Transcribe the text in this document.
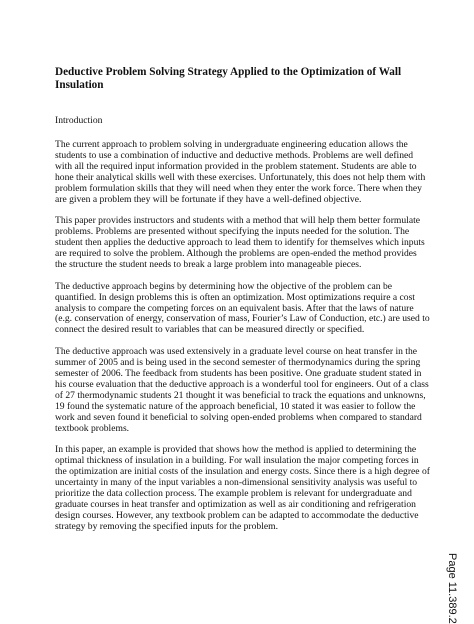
Deductive Problem Solving Strategy Applied to the Optimization of Wall Insulation
Introduction

The current approach to problem solving in undergraduate engineering education allows the students to use a combination of inductive and deductive methods. Problems are well defined with all the required input information provided in the problem statement. Students are able to hone their analytical skills well with these exercises. Unfortunately, this does not help them with problem formulation skills that they will need when they enter the work force. There when they are given a problem they will be fortunate if they have a well-defined objective.

This paper provides instructors and students with a method that will help them better formulate problems. Problems are presented without specifying the inputs needed for the solution. The student then applies the deductive approach to lead them to identify for themselves which inputs are required to solve the problem. Although the problems are open-ended the method provides the structure the student needs to break a large problem into manageable pieces.

The deductive approach begins by determining how the objective of the problem can be quantified. In design problems this is often an optimization. Most optimizations require a cost analysis to compare the competing forces on an equivalent basis. After that the laws of nature (e.g. conservation of energy, conservation of mass, Fourier’s Law of Conduction, etc.) are used to connect the desired result to variables that can be measured directly or specified.

The deductive approach was used extensively in a graduate level course on heat transfer in the summer of 2005 and is being used in the second semester of thermodynamics during the spring semester of 2006. The feedback from students has been positive. One graduate student stated in his course evaluation that the deductive approach is a wonderful tool for engineers. Out of a class of 27 thermodynamic students 21 thought it was beneficial to track the equations and unknowns, 19 found the systematic nature of the approach beneficial, 10 stated it was easier to follow the work and seven found it beneficial to solving open-ended problems when compared to standard textbook problems.

In this paper, an example is provided that shows how the method is applied to determining the optimal thickness of insulation in a building. For wall insulation the major competing forces in the optimization are initial costs of the insulation and energy costs. Since there is a high degree of uncertainty in many of the input variables a non-dimensional sensitivity analysis was useful to prioritize the data collection process. The example problem is relevant for undergraduate and graduate courses in heat transfer and optimization as well as air conditioning and refrigeration design courses. However, any textbook problem can be adapted to accommodate the deductive strategy by removing the specified inputs for the problem.

Page 11.389.2
